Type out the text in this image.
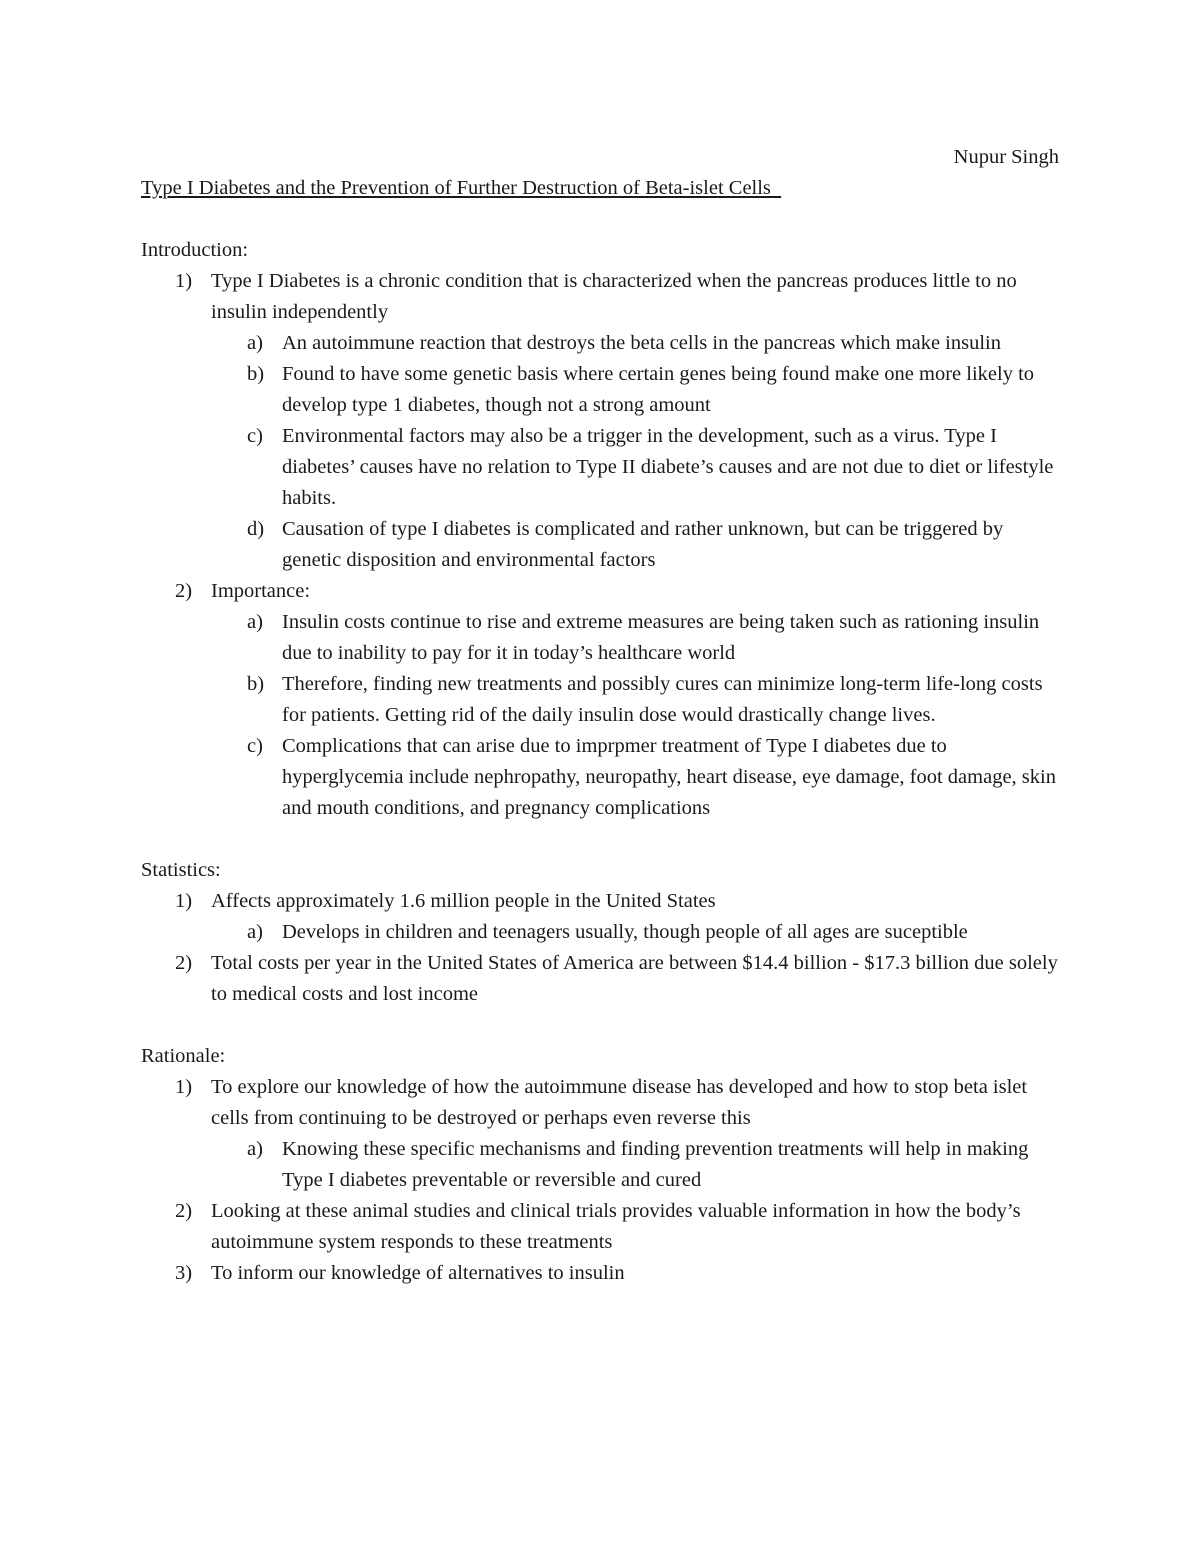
Nupur Singh
Type I Diabetes and the Prevention of Further Destruction of Beta-islet Cells
Introduction:
1) Type I Diabetes is a chronic condition that is characterized when the pancreas produces little to no insulin independently
a) An autoimmune reaction that destroys the beta cells in the pancreas which make insulin
b) Found to have some genetic basis where certain genes being found make one more likely to develop type 1 diabetes, though not a strong amount
c) Environmental factors may also be a trigger in the development, such as a virus. Type I diabetes’ causes have no relation to Type II diabete’s causes and are not due to diet or lifestyle habits.
d) Causation of type I diabetes is complicated and rather unknown, but can be triggered by genetic disposition and environmental factors
2) Importance:
a) Insulin costs continue to rise and extreme measures are being taken such as rationing insulin due to inability to pay for it in today’s healthcare world
b) Therefore, finding new treatments and possibly cures can minimize long-term life-long costs for patients. Getting rid of the daily insulin dose would drastically change lives.
c) Complications that can arise due to imprpmer treatment of Type I diabetes due to hyperglycemia include nephropathy, neuropathy, heart disease, eye damage, foot damage, skin and mouth conditions, and pregnancy complications
Statistics:
1) Affects approximately 1.6 million people in the United States
a) Develops in children and teenagers usually, though people of all ages are suceptible
2) Total costs per year in the United States of America are between $14.4 billion - $17.3 billion due solely to medical costs and lost income
Rationale:
1) To explore our knowledge of how the autoimmune disease has developed and how to stop beta islet cells from continuing to be destroyed or perhaps even reverse this
a) Knowing these specific mechanisms and finding prevention treatments will help in making Type I diabetes preventable or reversible and cured
2) Looking at these animal studies and clinical trials provides valuable information in how the body’s autoimmune system responds to these treatments
3) To inform our knowledge of alternatives to insulin
